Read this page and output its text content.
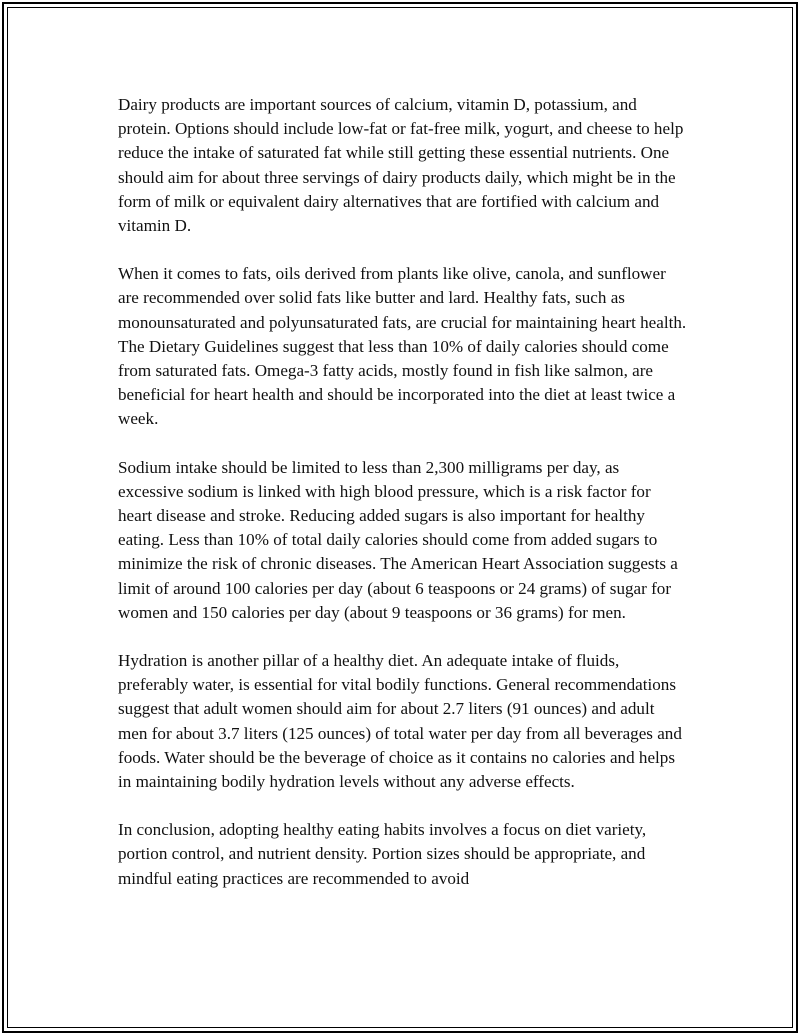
Dairy products are important sources of calcium, vitamin D, potassium, and protein. Options should include low-fat or fat-free milk, yogurt, and cheese to help reduce the intake of saturated fat while still getting these essential nutrients. One should aim for about three servings of dairy products daily, which might be in the form of milk or equivalent dairy alternatives that are fortified with calcium and vitamin D.

When it comes to fats, oils derived from plants like olive, canola, and sunflower are recommended over solid fats like butter and lard. Healthy fats, such as monounsaturated and polyunsaturated fats, are crucial for maintaining heart health. The Dietary Guidelines suggest that less than 10% of daily calories should come from saturated fats. Omega-3 fatty acids, mostly found in fish like salmon, are beneficial for heart health and should be incorporated into the diet at least twice a week.

Sodium intake should be limited to less than 2,300 milligrams per day, as excessive sodium is linked with high blood pressure, which is a risk factor for heart disease and stroke. Reducing added sugars is also important for healthy eating. Less than 10% of total daily calories should come from added sugars to minimize the risk of chronic diseases. The American Heart Association suggests a limit of around 100 calories per day (about 6 teaspoons or 24 grams) of sugar for women and 150 calories per day (about 9 teaspoons or 36 grams) for men.

Hydration is another pillar of a healthy diet. An adequate intake of fluids, preferably water, is essential for vital bodily functions. General recommendations suggest that adult women should aim for about 2.7 liters (91 ounces) and adult men for about 3.7 liters (125 ounces) of total water per day from all beverages and foods. Water should be the beverage of choice as it contains no calories and helps in maintaining bodily hydration levels without any adverse effects.

In conclusion, adopting healthy eating habits involves a focus on diet variety, portion control, and nutrient density. Portion sizes should be appropriate, and mindful eating practices are recommended to avoid
